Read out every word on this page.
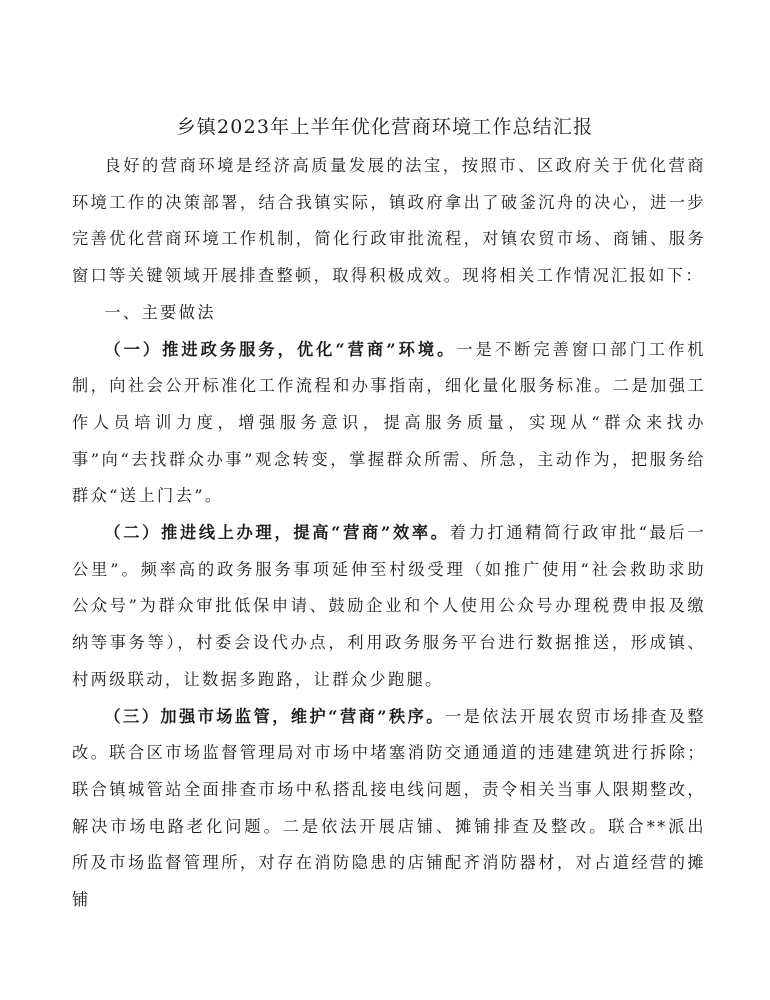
乡镇2023年上半年优化营商环境工作总结汇报

良好的营商环境是经济高质量发展的法宝，按照市、区政府关于优化营商环境工作的决策部署，结合我镇实际，镇政府拿出了破釜沉舟的决心，进一步完善优化营商环境工作机制，简化行政审批流程，对镇农贸市场、商铺、服务窗口等关键领域开展排查整顿，取得积极成效。现将相关工作情况汇报如下：

一、主要做法

（一）推进政务服务，优化“营商”环境。一是不断完善窗口部门工作机制，向社会公开标准化工作流程和办事指南，细化量化服务标准。二是加强工作人员培训力度，增强服务意识，提高服务质量，实现从“群众来找办事”向“去找群众办事”观念转变，掌握群众所需、所急，主动作为，把服务给群众“送上门去”。

（二）推进线上办理，提高“营商”效率。着力打通精简行政审批“最后一公里”。频率高的政务服务事项延伸至村级受理（如推广使用“社会救助求助公众号”为群众审批低保申请、鼓励企业和个人使用公众号办理税费申报及缴纳等事务等），村委会设代办点，利用政务服务平台进行数据推送，形成镇、村两级联动，让数据多跑路，让群众少跑腿。

（三）加强市场监管，维护“营商”秩序。一是依法开展农贸市场排查及整改。联合区市场监督管理局对市场中堵塞消防交通通道的违建建筑进行拆除；联合镇城管站全面排查市场中私搭乱接电线问题，责令相关当事人限期整改，解决市场电路老化问题。二是依法开展店铺、摊铺排查及整改。联合**派出所及市场监督管理所，对存在消防隐患的店铺配齐消防器材，对占道经营的摊铺
